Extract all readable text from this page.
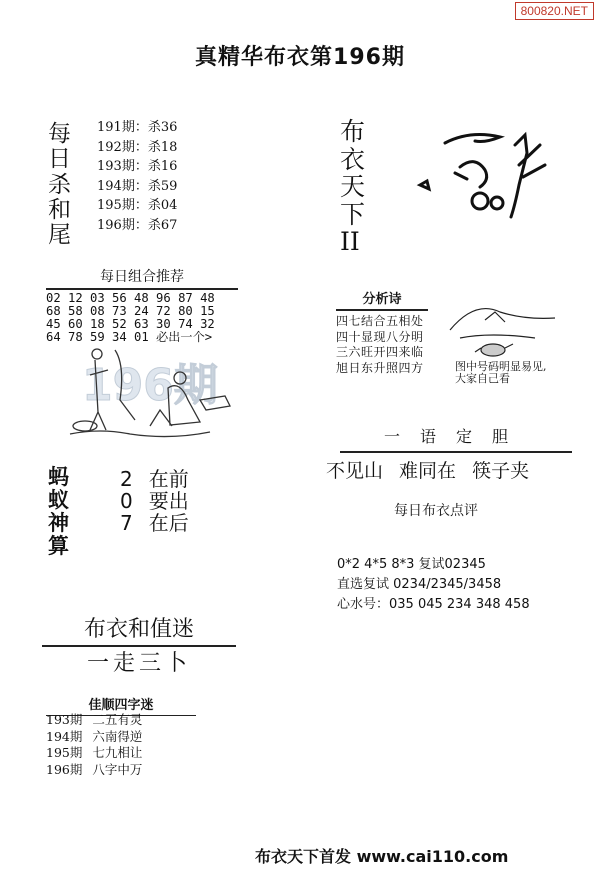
800820.NET
真精华布衣第196期
每
日
杀
和
尾
191期：杀36
192期：杀18
193期：杀16
194期：杀59
195期：杀04
196期：杀67
每日组合推荐
02 12 03 56 48 96 87 48
68 58 08 73 24 72 80 15
45 60 18 52 63 30 74 32
64 78 59 34 01 必出一个>
196期
蚂
蚁
神
算
2 在前
0 要出
7 在后
布衣和值迷
一走三卜
佳顺四字迷
193期 二五有灵
194期 六南得逆
195期 七九相让
196期 八字中万
布
衣
天
下
II
分析诗
四七结合五相处
四十显现八分明
三六旺开四来临
旭日东升照四方	图中号码明显易见,
大家自己看
一语定胆
不见山 难同在 筷子夹
每日布衣点评
0*2 4*5 8*3 复试02345
直选复试 0234/2345/3458
心水号：035 045 234 348 458
布衣天下首发 www.cai110.com
